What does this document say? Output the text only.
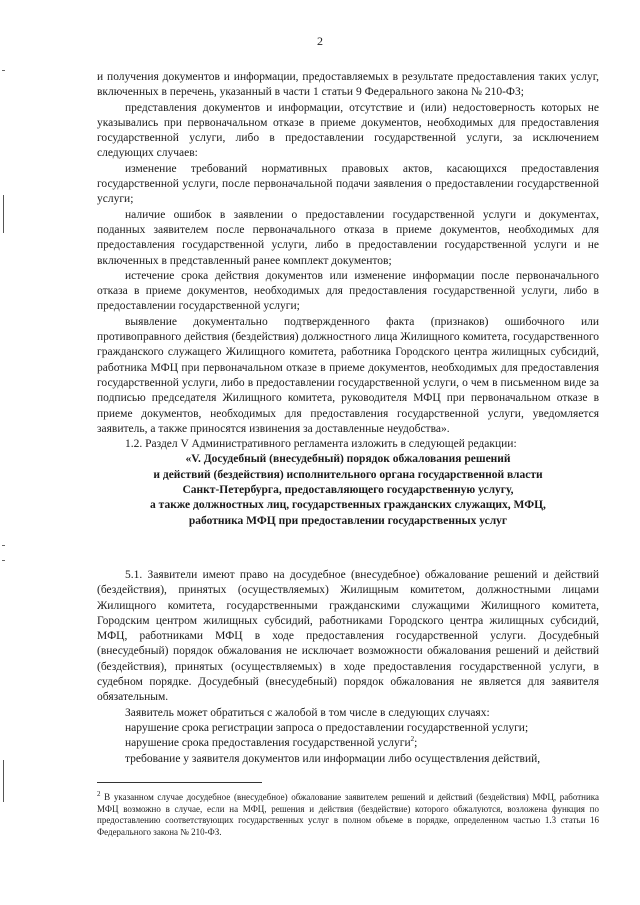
2

и получения документов и информации, предоставляемых в результате предоставления таких услуг, включенных в перечень, указанный в части 1 статьи 9 Федерального закона № 210-ФЗ;

представления документов и информации, отсутствие и (или) недостоверность которых не указывались при первоначальном отказе в приеме документов, необходимых для предоставления государственной услуги, либо в предоставлении государственной услуги, за исключением следующих случаев:

изменение требований нормативных правовых актов, касающихся предоставления государственной услуги, после первоначальной подачи заявления о предоставлении государственной услуги;

наличие ошибок в заявлении о предоставлении государственной услуги и документах, поданных заявителем после первоначального отказа в приеме документов, необходимых для предоставления государственной услуги, либо в предоставлении государственной услуги и не включенных в представленный ранее комплект документов;

истечение срока действия документов или изменение информации после первоначального отказа в приеме документов, необходимых для предоставления государственной услуги, либо в предоставлении государственной услуги;

выявление документально подтвержденного факта (признаков) ошибочного или противоправного действия (бездействия) должностного лица Жилищного комитета, государственного гражданского служащего Жилищного комитета, работника Городского центра жилищных субсидий, работника МФЦ при первоначальном отказе в приеме документов, необходимых для предоставления государственной услуги, либо в предоставлении государственной услуги, о чем в письменном виде за подписью председателя Жилищного комитета, руководителя МФЦ при первоначальном отказе в приеме документов, необходимых для предоставления государственной услуги, уведомляется заявитель, а также приносятся извинения за доставленные неудобства».

1.2. Раздел V Административного регламента изложить в следующей редакции:

«V. Досудебный (внесудебный) порядок обжалования решений

и действий (бездействия) исполнительного органа государственной власти

Санкт-Петербурга, предоставляющего государственную услугу,

а также должностных лиц, государственных гражданских служащих, МФЦ,

работника МФЦ при предоставлении государственных услуг

5.1. Заявители имеют право на досудебное (внесудебное) обжалование решений и действий (бездействия), принятых (осуществляемых) Жилищным комитетом, должностными лицами Жилищного комитета, государственными гражданскими служащими Жилищного комитета, Городским центром жилищных субсидий, работниками Городского центра жилищных субсидий, МФЦ, работниками МФЦ в ходе предоставления государственной услуги. Досудебный (внесудебный) порядок обжалования не исключает возможности обжалования решений и действий (бездействия), принятых (осуществляемых) в ходе предоставления государственной услуги, в судебном порядке. Досудебный (внесудебный) порядок обжалования не является для заявителя обязательным.

Заявитель может обратиться с жалобой в том числе в следующих случаях:

нарушение срока регистрации запроса о предоставлении государственной услуги;

нарушение срока предоставления государственной услуги$^2$;

требование у заявителя документов или информации либо осуществления действий,

$^2$ В указанном случае досудебное (внесудебное) обжалование заявителем решений и действий (бездействия) МФЦ, работника МФЦ возможно в случае, если на МФЦ, решения и действия (бездействие) которого обжалуются, возложена функция по предоставлению соответствующих государственных услуг в полном объеме в порядке, определенном частью 1.3 статьи 16 Федерального закона № 210-ФЗ.
